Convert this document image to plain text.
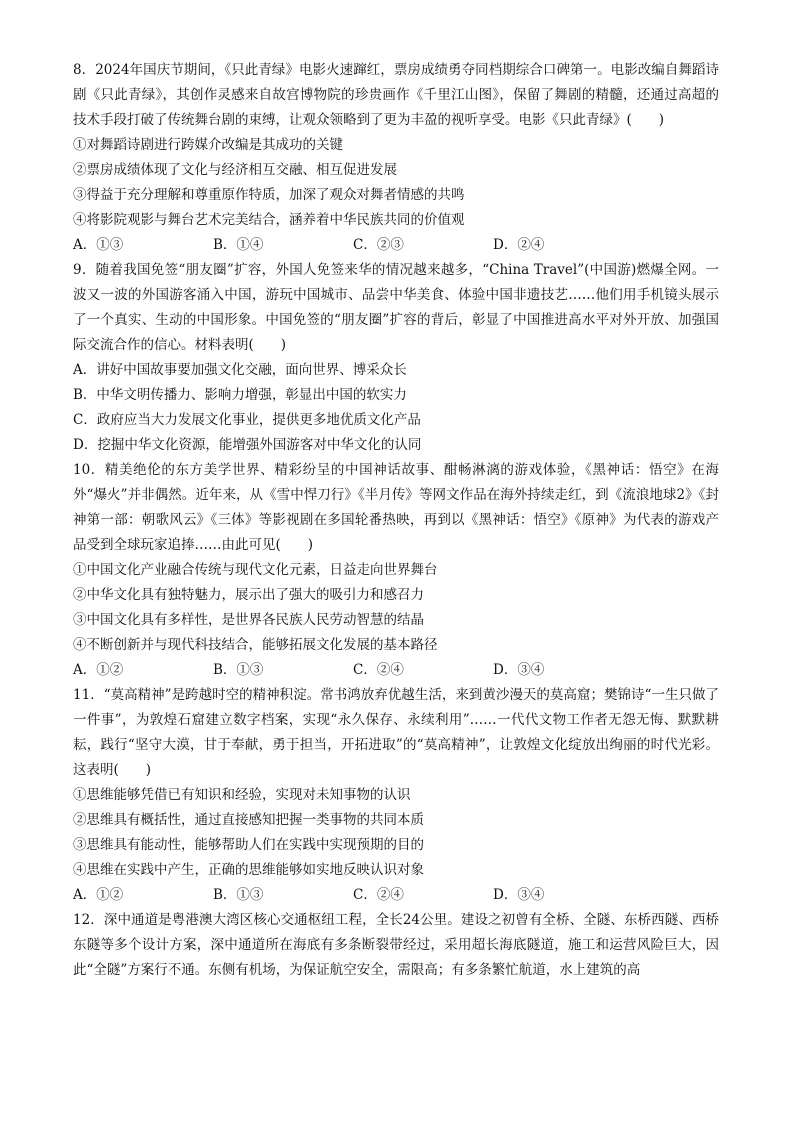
8．2024年国庆节期间，《只此青绿》电影火速蹿红，票房成绩勇夺同档期综合口碑第一。电影改编自舞蹈诗剧《只此青绿》，其创作灵感来自故宫博物院的珍贵画作《千里江山图》，保留了舞剧的精髓，还通过高超的技术手段打破了传统舞台剧的束缚，让观众领略到了更为丰盈的视听享受。电影《只此青绿》(　　)

①对舞蹈诗剧进行跨媒介改编是其成功的关键

②票房成绩体现了文化与经济相互交融、相互促进发展

③得益于充分理解和尊重原作特质，加深了观众对舞者情感的共鸣

④将影院观影与舞台艺术完美结合，涵养着中华民族共同的价值观

A．①③	B．①④	C．②③	D．②④

9．随着我国免签“朋友圈”扩容，外国人免签来华的情况越来越多，“China Travel”(中国游)燃爆全网。一波又一波的外国游客涌入中国，游玩中国城市、品尝中华美食、体验中国非遗技艺……他们用手机镜头展示了一个真实、生动的中国形象。中国免签的“朋友圈”扩容的背后，彰显了中国推进高水平对外开放、加强国际交流合作的信心。材料表明(　　)

A．讲好中国故事要加强文化交融，面向世界、博采众长

B．中华文明传播力、影响力增强，彰显出中国的软实力

C．政府应当大力发展文化事业，提供更多地优质文化产品

D．挖掘中华文化资源，能增强外国游客对中华文化的认同

10．精美绝伦的东方美学世界、精彩纷呈的中国神话故事、酣畅淋漓的游戏体验，《黑神话：悟空》在海外“爆火”并非偶然。近年来，从《雪中悍刀行》《半月传》等网文作品在海外持续走红，到《流浪地球2》《封神第一部：朝歌风云》《三体》等影视剧在多国轮番热映，再到以《黑神话：悟空》《原神》为代表的游戏产品受到全球玩家追捧……由此可见(　　)

①中国文化产业融合传统与现代文化元素，日益走向世界舞台

②中华文化具有独特魅力，展示出了强大的吸引力和感召力

③中国文化具有多样性，是世界各民族人民劳动智慧的结晶

④不断创新并与现代科技结合，能够拓展文化发展的基本路径

A．①②	B．①③	C．②④	D．③④

11．“莫高精神”是跨越时空的精神积淀。常书鸿放弃优越生活，来到黄沙漫天的莫高窟；樊锦诗“一生只做了一件事”，为敦煌石窟建立数字档案，实现“永久保存、永续利用”……一代代文物工作者无怨无悔、默默耕耘，践行“坚守大漠，甘于奉献，勇于担当，开拓进取”的“莫高精神”，让敦煌文化绽放出绚丽的时代光彩。这表明(　　)

①思维能够凭借已有知识和经验，实现对未知事物的认识

②思维具有概括性，通过直接感知把握一类事物的共同本质

③思维具有能动性，能够帮助人们在实践中实现预期的目的

④思维在实践中产生，正确的思维能够如实地反映认识对象

A．①②	B．①③	C．②④	D．③④

12．深中通道是粤港澳大湾区核心交通枢纽工程，全长24公里。建设之初曾有全桥、全隧、东桥西隧、西桥东隧等多个设计方案，深中通道所在海底有多条断裂带经过，采用超长海底隧道，施工和运营风险巨大，因此“全隧”方案行不通。东侧有机场，为保证航空安全，需限高；有多条繁忙航道，水上建筑的高
